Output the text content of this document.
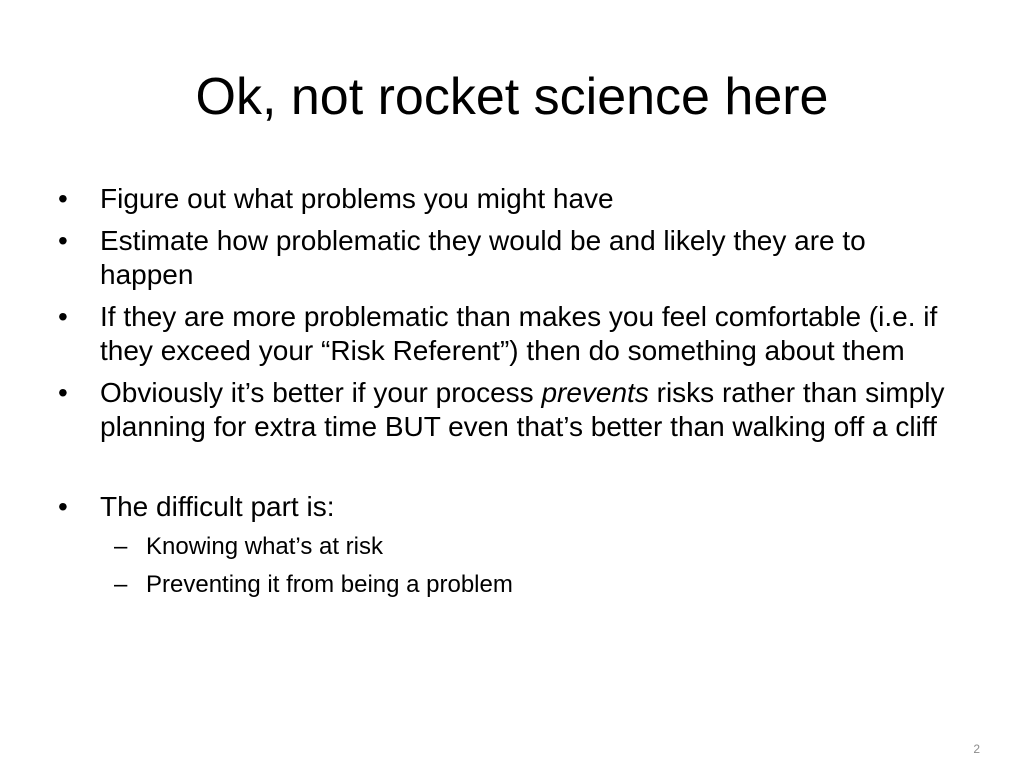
Ok, not rocket science here
• Figure out what problems you might have
• Estimate how problematic they would be and likely they are to happen
• If they are more problematic than makes you feel comfortable (i.e. if they exceed your “Risk Referent”) then do something about them
• Obviously it’s better if your process prevents risks rather than simply planning for extra time BUT even that’s better than walking off a cliff
• The difficult part is:
– Knowing what’s at risk
– Preventing it from being a problem
2
